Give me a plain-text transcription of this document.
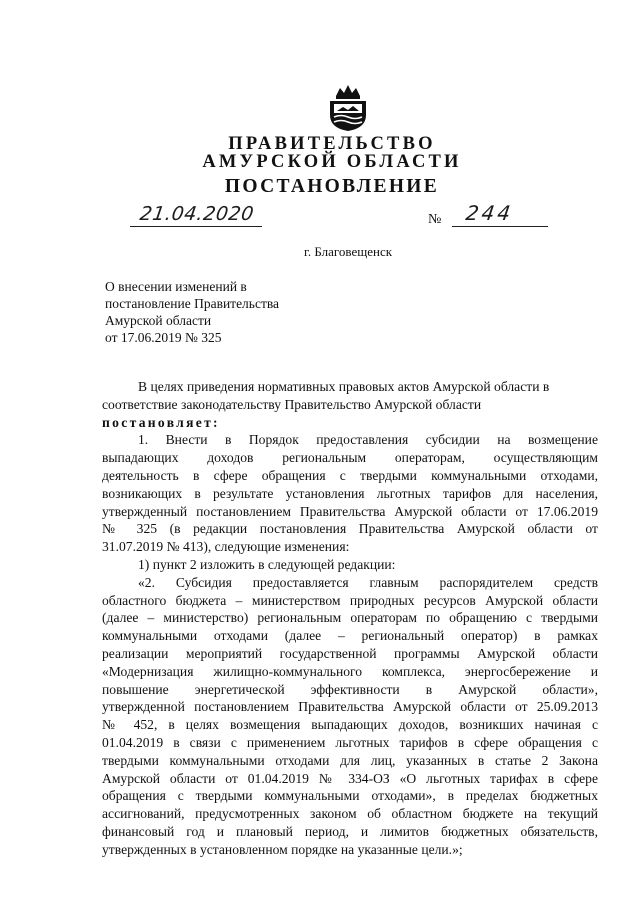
ПРАВИТЕЛЬСТВО
АМУРСКОЙ ОБЛАСТИ
ПОСТАНОВЛЕНИЕ
21.04.2020	№ 244
г. Благовещенск
О внесении изменений в
постановление Правительства
Амурской области
от 17.06.2019 № 325
В целях приведения нормативных правовых актов Амурской области в
соответствие законодательству Правительство Амурской области
постановляет:
1. Внести в Порядок предоставления субсидии на возмещение
выпадающих доходов региональным операторам, осуществляющим
деятельность в сфере обращения с твердыми коммунальными отходами,
возникающих в результате установления льготных тарифов для населения,
утвержденный постановлением Правительства Амурской области от 17.06.2019
№ 325 (в редакции постановления Правительства Амурской области от
31.07.2019 № 413), следующие изменения:
1) пункт 2 изложить в следующей редакции:
«2. Субсидия предоставляется главным распорядителем средств
областного бюджета – министерством природных ресурсов Амурской области
(далее – министерство) региональным операторам по обращению с твердыми
коммунальными отходами (далее – региональный оператор) в рамках
реализации мероприятий государственной программы Амурской области
«Модернизация жилищно-коммунального комплекса, энергосбережение и
повышение энергетической эффективности в Амурской области»,
утвержденной постановлением Правительства Амурской области от 25.09.2013
№ 452, в целях возмещения выпадающих доходов, возникших начиная с
01.04.2019 в связи с применением льготных тарифов в сфере обращения с
твердыми коммунальными отходами для лиц, указанных в статье 2 Закона
Амурской области от 01.04.2019 № 334-ОЗ «О льготных тарифах в сфере
обращения с твердыми коммунальными отходами», в пределах бюджетных
ассигнований, предусмотренных законом об областном бюджете на текущий
финансовый год и плановый период, и лимитов бюджетных обязательств,
утвержденных в установленном порядке на указанные цели.»;
